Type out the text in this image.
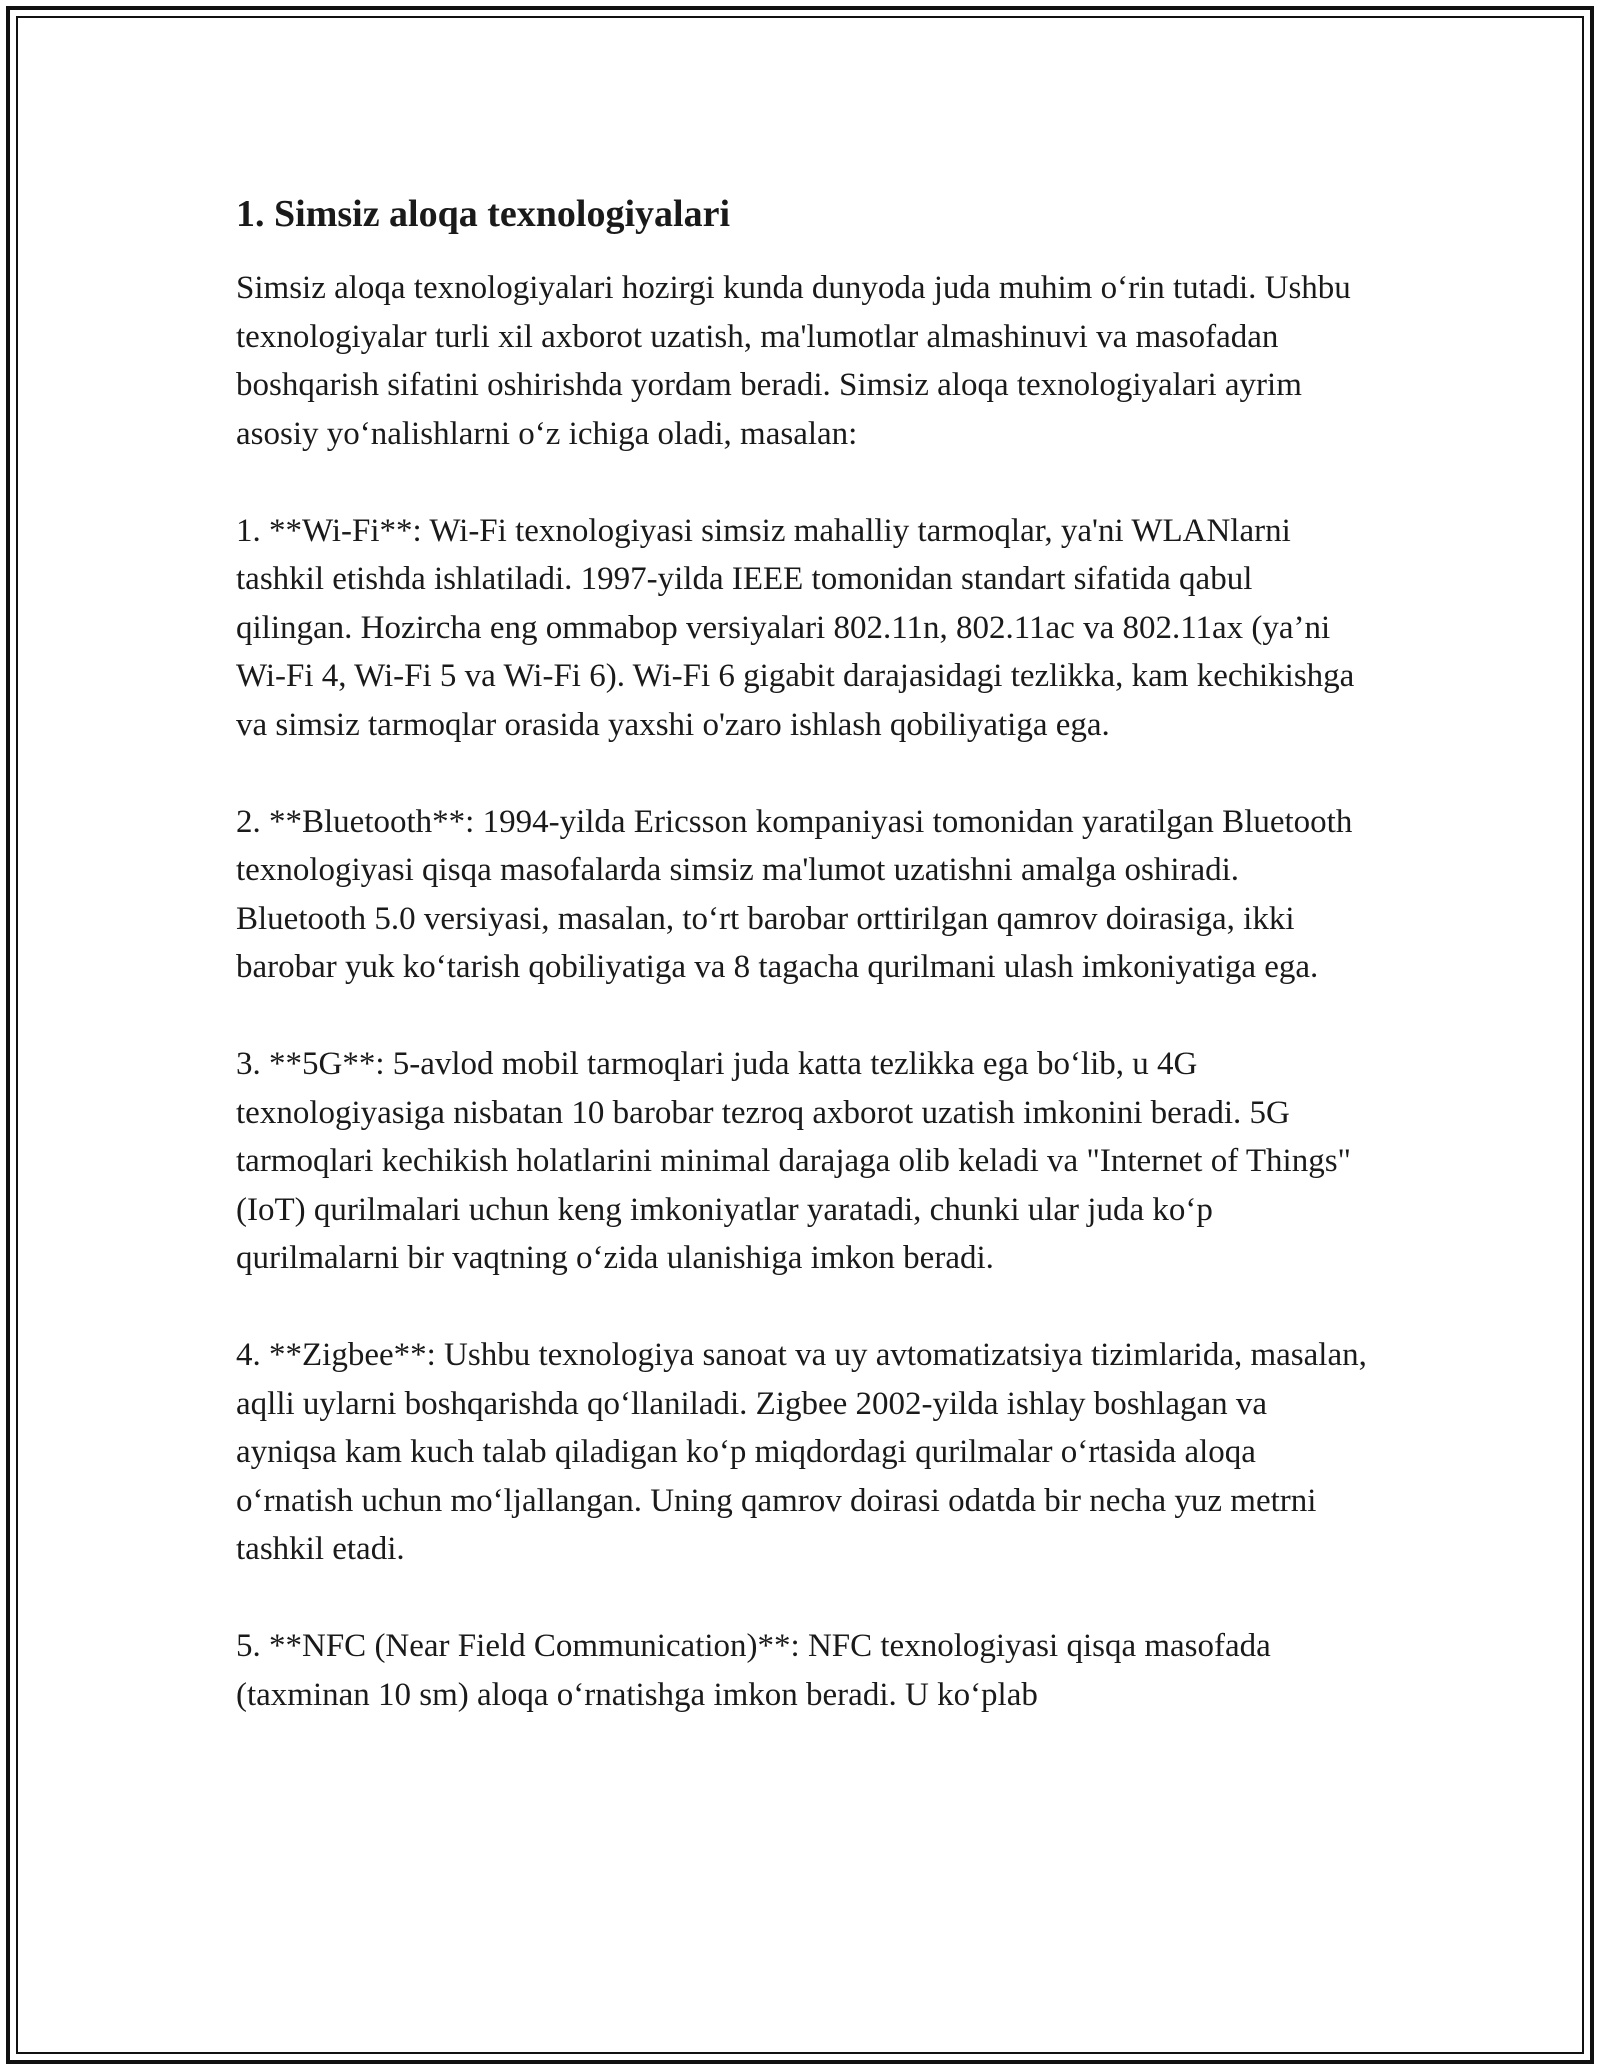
1. Simsiz aloqa texnologiyalari

Simsiz aloqa texnologiyalari hozirgi kunda dunyoda juda muhim o‘rin tutadi. Ushbu texnologiyalar turli xil axborot uzatish, ma'lumotlar almashinuvi va masofadan boshqarish sifatini oshirishda yordam beradi. Simsiz aloqa texnologiyalari ayrim asosiy yo‘nalishlarni o‘z ichiga oladi, masalan:

1. **Wi-Fi**: Wi-Fi texnologiyasi simsiz mahalliy tarmoqlar, ya'ni WLANlarni tashkil etishda ishlatiladi. 1997-yilda IEEE tomonidan standart sifatida qabul qilingan. Hozircha eng ommabop versiyalari 802.11n, 802.11ac va 802.11ax (ya’ni Wi-Fi 4, Wi-Fi 5 va Wi-Fi 6). Wi-Fi 6 gigabit darajasidagi tezlikka, kam kechikishga va simsiz tarmoqlar orasida yaxshi o'zaro ishlash qobiliyatiga ega.

2. **Bluetooth**: 1994-yilda Ericsson kompaniyasi tomonidan yaratilgan Bluetooth texnologiyasi qisqa masofalarda simsiz ma'lumot uzatishni amalga oshiradi. Bluetooth 5.0 versiyasi, masalan, to‘rt barobar orttirilgan qamrov doirasiga, ikki barobar yuk ko‘tarish qobiliyatiga va 8 tagacha qurilmani ulash imkoniyatiga ega.

3. **5G**: 5-avlod mobil tarmoqlari juda katta tezlikka ega bo‘lib, u 4G texnologiyasiga nisbatan 10 barobar tezroq axborot uzatish imkonini beradi. 5G tarmoqlari kechikish holatlarini minimal darajaga olib keladi va "Internet of Things" (IoT) qurilmalari uchun keng imkoniyatlar yaratadi, chunki ular juda ko‘p qurilmalarni bir vaqtning o‘zida ulanishiga imkon beradi.

4. **Zigbee**: Ushbu texnologiya sanoat va uy avtomatizatsiya tizimlarida, masalan, aqlli uylarni boshqarishda qo‘llaniladi. Zigbee 2002-yilda ishlay boshlagan va ayniqsa kam kuch talab qiladigan ko‘p miqdordagi qurilmalar o‘rtasida aloqa o‘rnatish uchun mo‘ljallangan. Uning qamrov doirasi odatda bir necha yuz metrni tashkil etadi.

5. **NFC (Near Field Communication)**: NFC texnologiyasi qisqa masofada (taxminan 10 sm) aloqa o‘rnatishga imkon beradi. U ko‘plab
